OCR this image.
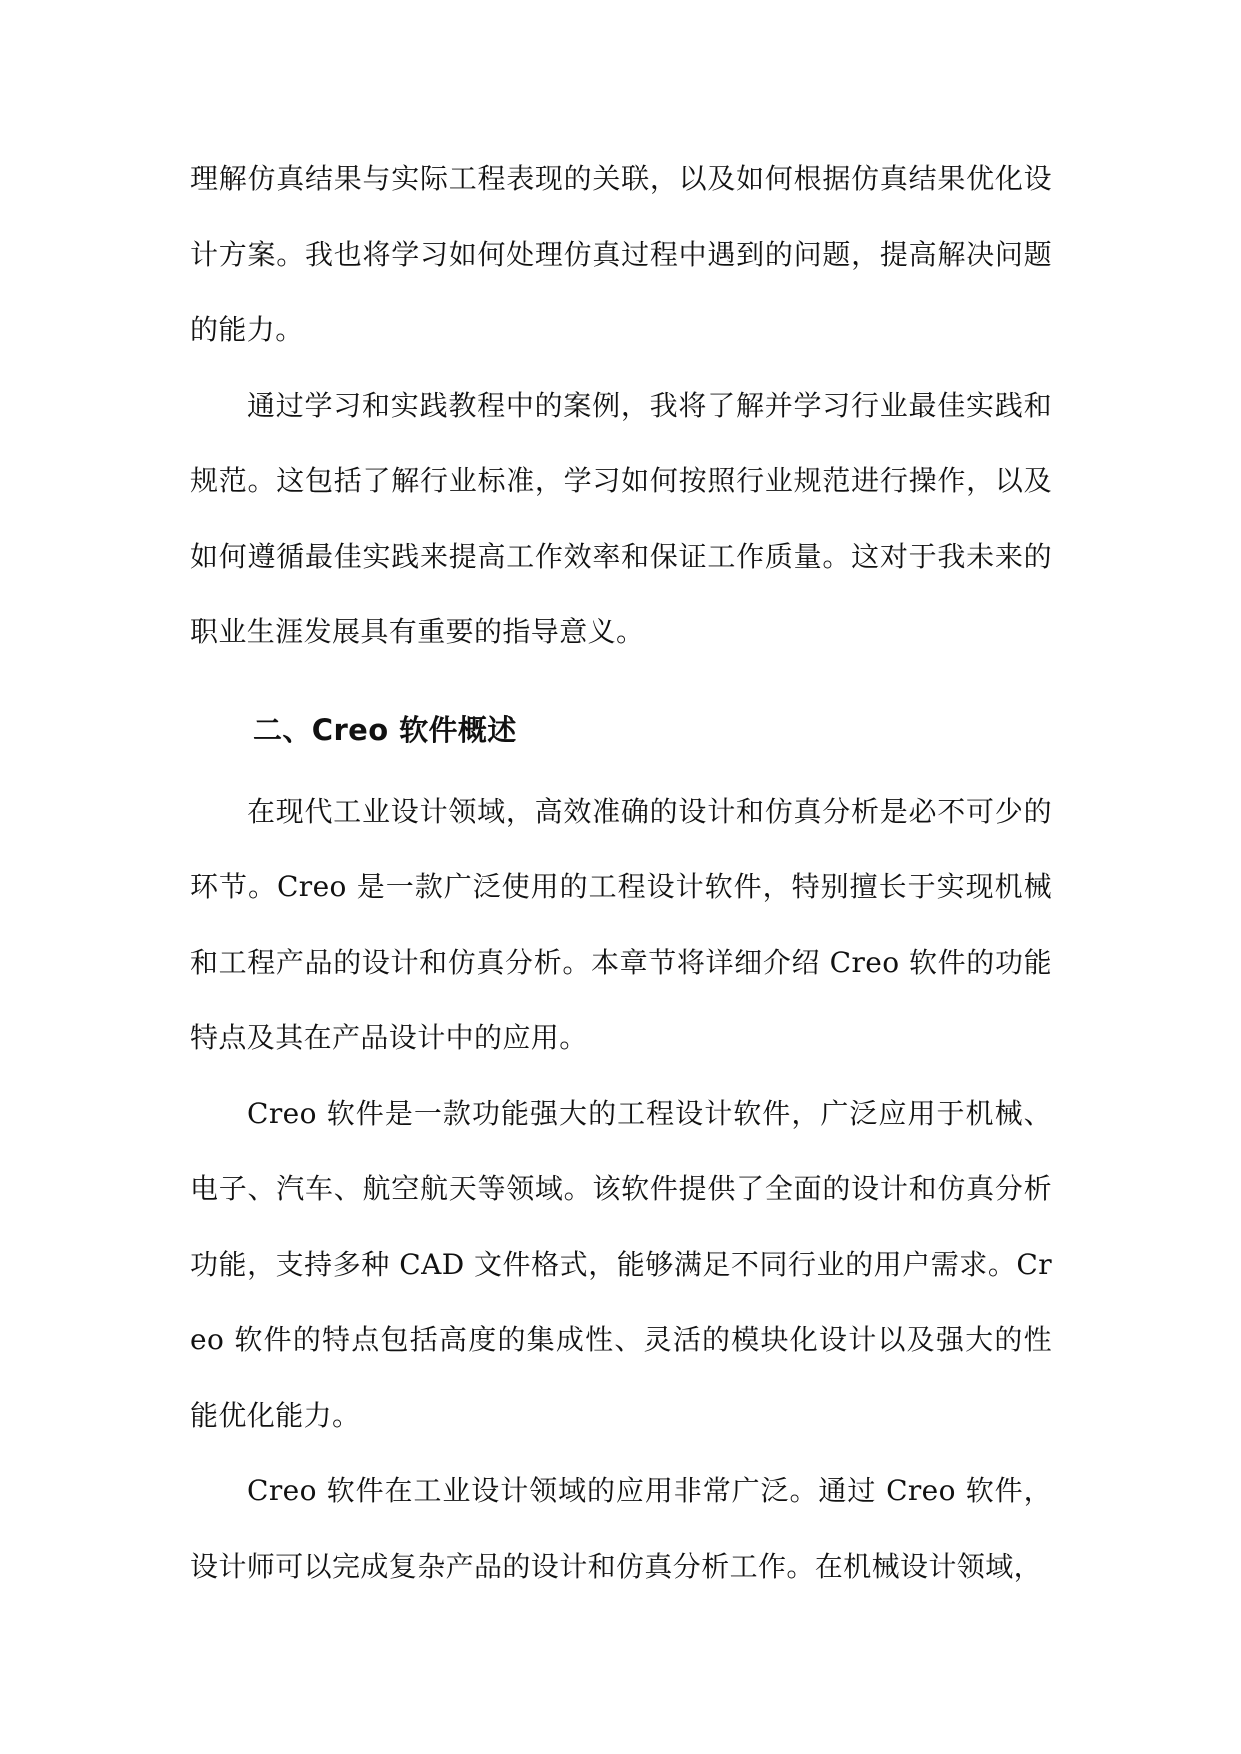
理解仿真结果与实际工程表现的关联，以及如何根据仿真结果优化设计方案。我也将学习如何处理仿真过程中遇到的问题，提高解决问题的能力。

通过学习和实践教程中的案例，我将了解并学习行业最佳实践和规范。这包括了解行业标准，学习如何按照行业规范进行操作，以及如何遵循最佳实践来提高工作效率和保证工作质量。这对于我未来的职业生涯发展具有重要的指导意义。

二、Creo 软件概述

在现代工业设计领域，高效准确的设计和仿真分析是必不可少的环节。Creo 是一款广泛使用的工程设计软件，特别擅长于实现机械和工程产品的设计和仿真分析。本章节将详细介绍 Creo 软件的功能特点及其在产品设计中的应用。

Creo 软件是一款功能强大的工程设计软件，广泛应用于机械、电子、汽车、航空航天等领域。该软件提供了全面的设计和仿真分析功能，支持多种 CAD 文件格式，能够满足不同行业的用户需求。Creo 软件的特点包括高度的集成性、灵活的模块化设计以及强大的性能优化能力。

Creo 软件在工业设计领域的应用非常广泛。通过 Creo 软件，设计师可以完成复杂产品的设计和仿真分析工作。在机械设计领域，
